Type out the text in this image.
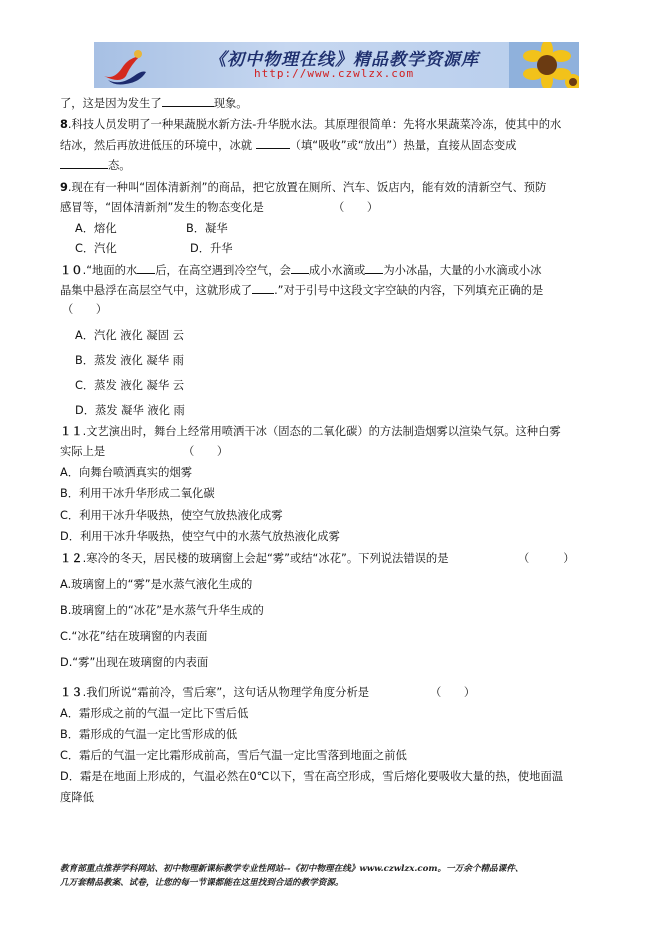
《初中物理在线》精品教学资源库
http://www.czwlzx.com
了，这是因为发生了	现象。
8.科技人员发明了一种果蔬脱水新方法-升华脱水法。其原理很简单：先将水果蔬菜冷冻，使其中的水
结冰，然后再放进低压的环境中，冰就	（填“吸收”或“放出”）热量，直接从固态变成
态。
9.现在有一种叫“固体清新剂”的商品，把它放置在厕所、汽车、饭店内，能有效的清新空气、预防
感冒等，“固体清新剂”发生的物态变化是	（　　）
A．熔化	B．凝华
C．汽化	D．升华
１０.“地面的水 后，在高空遇到冷空气，会 成小水滴或 为小冰晶，大量的小水滴或小冰
晶集中悬浮在高层空气中，这就形成了 .”对于引号中这段文字空缺的内容，下列填充正确的是
（　　）
A．汽化 液化 凝固 云
B．蒸发 液化 凝华 雨
C．蒸发 液化 凝华 云
D．蒸发 凝华 液化 雨
１１.文艺演出时，舞台上经常用喷洒干冰（固态的二氧化碳）的方法制造烟雾以渲染气氛。这种白雾
实际上是	（　　）
A．向舞台喷洒真实的烟雾
B．利用干冰升华形成二氧化碳
C．利用干冰升华吸热，使空气放热液化成雾
D．利用干冰升华吸热，使空气中的水蒸气放热液化成雾
１２.寒冷的冬天，居民楼的玻璃窗上会起“雾”或结“冰花”。下列说法错误的是	（　　　）
A.玻璃窗上的“雾”是水蒸气液化生成的
B.玻璃窗上的“冰花”是水蒸气升华生成的
C.“冰花”结在玻璃窗的内表面
D.“雾”出现在玻璃窗的内表面
１３.我们所说“霜前冷，雪后寒”，这句话从物理学角度分析是	（　　）
A．霜形成之前的气温一定比下雪后低
B．霜形成的气温一定比雪形成的低
C．霜后的气温一定比霜形成前高，雪后气温一定比雪落到地面之前低
D．霜是在地面上形成的，气温必然在0℃以下，雪在高空形成，雪后熔化要吸收大量的热，使地面温
度降低
教育部重点推荐学科网站、初中物理新课标教学专业性网站--《初中物理在线》www.czwlzx.com。一万余个精品课件、
几万套精品教案、试卷，让您的每一节课都能在这里找到合适的教学资源。
